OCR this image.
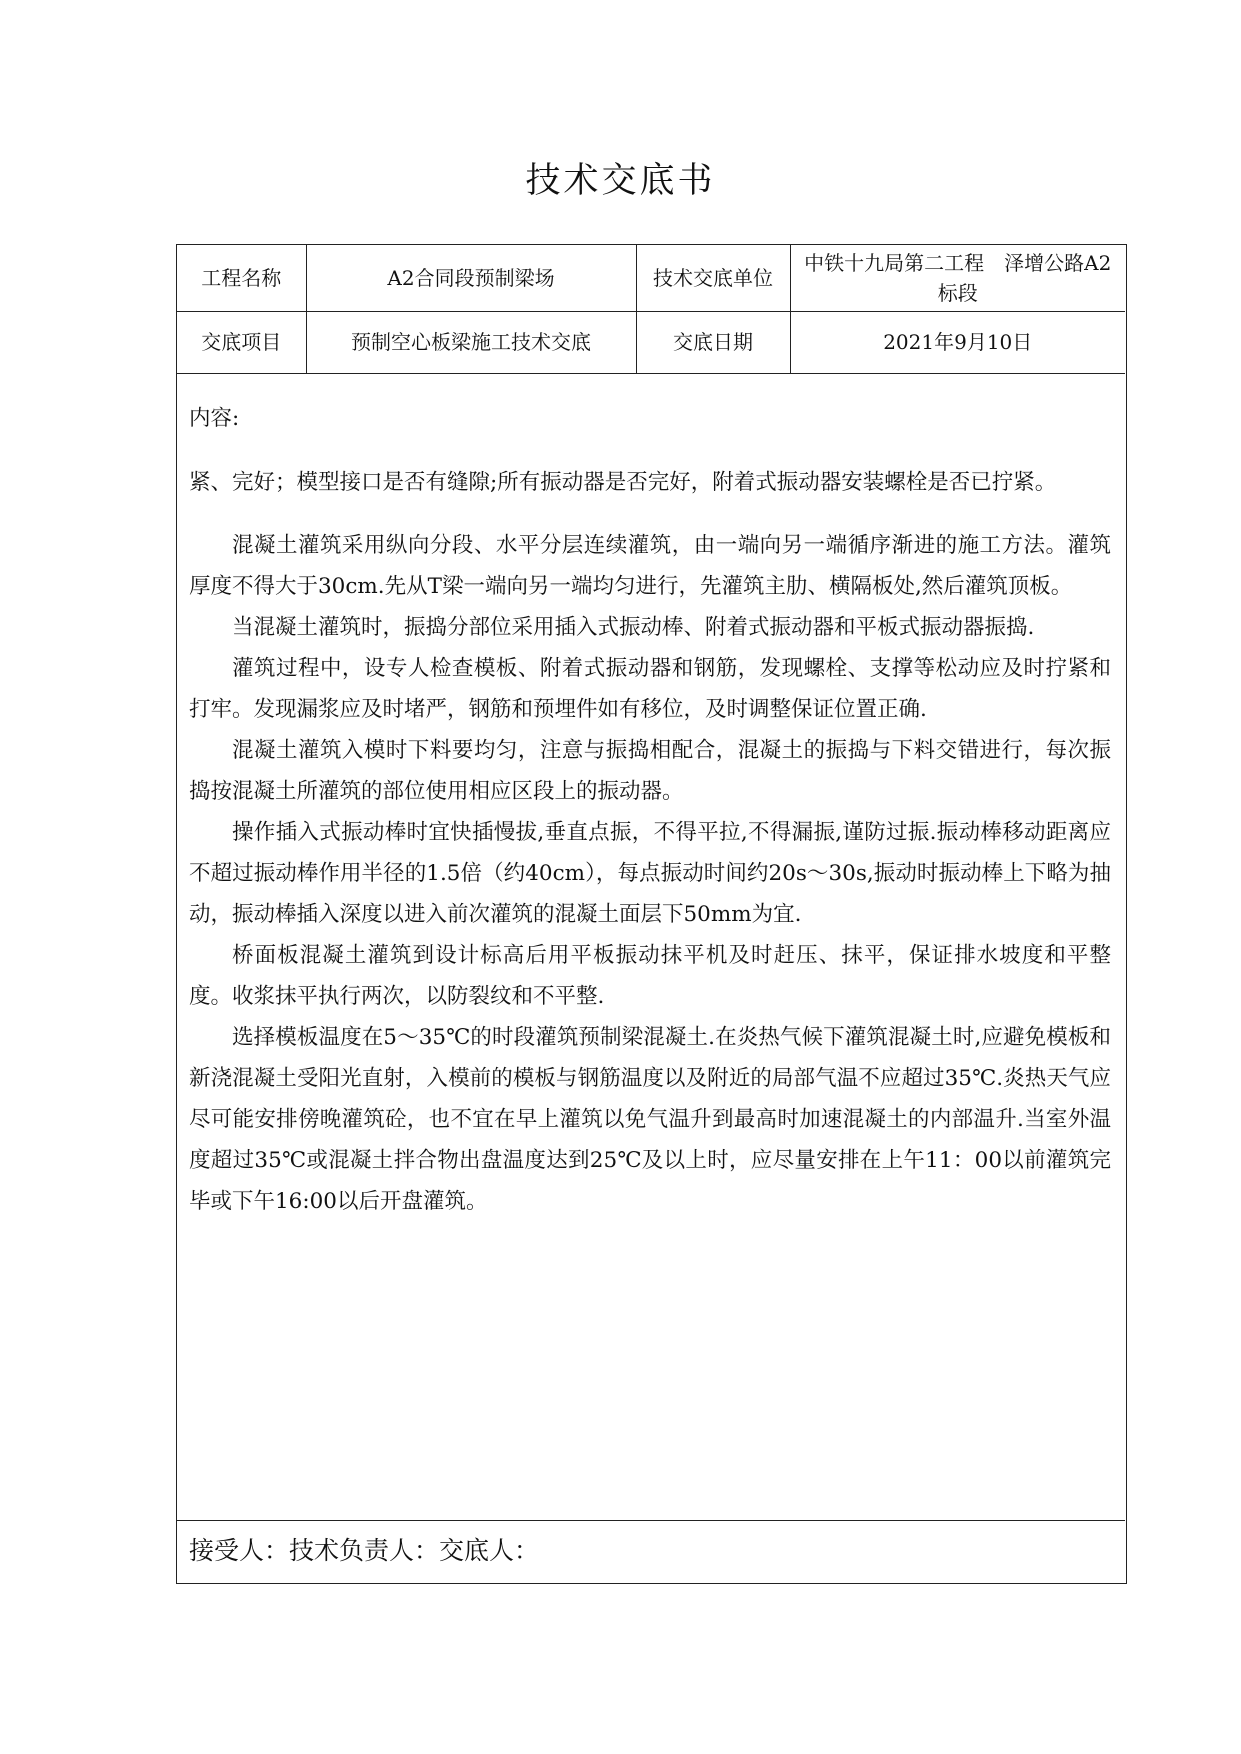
技术交底书
工程名称	A2合同段预制梁场	技术交底单位	中铁十九局第二工程　泽增公路A2标段
交底项目	预制空心板梁施工技术交底	交底日期	2021年9月10日

内容:

紧、完好；模型接口是否有缝隙;所有振动器是否完好，附着式振动器安装螺栓是否已拧紧。

混凝土灌筑采用纵向分段、水平分层连续灌筑，由一端向另一端循序渐进的施工方法。灌筑厚度不得大于30cm.先从T梁一端向另一端均匀进行，先灌筑主肋、横隔板处,然后灌筑顶板。

当混凝土灌筑时，振捣分部位采用插入式振动棒、附着式振动器和平板式振动器振捣.

灌筑过程中，设专人检查模板、附着式振动器和钢筋，发现螺栓、支撑等松动应及时拧紧和打牢。发现漏浆应及时堵严，钢筋和预埋件如有移位，及时调整保证位置正确.

混凝土灌筑入模时下料要均匀，注意与振捣相配合，混凝土的振捣与下料交错进行，每次振捣按混凝土所灌筑的部位使用相应区段上的振动器。

操作插入式振动棒时宜快插慢拔,垂直点振，不得平拉,不得漏振,谨防过振.振动棒移动距离应不超过振动棒作用半径的1.5倍（约40cm），每点振动时间约20s～30s,振动时振动棒上下略为抽动，振动棒插入深度以进入前次灌筑的混凝土面层下50mm为宜.

桥面板混凝土灌筑到设计标高后用平板振动抹平机及时赶压、抹平，保证排水坡度和平整度。收浆抹平执行两次，以防裂纹和不平整.

选择模板温度在5～35℃的时段灌筑预制梁混凝土.在炎热气候下灌筑混凝土时,应避免模板和新浇混凝土受阳光直射，入模前的模板与钢筋温度以及附近的局部气温不应超过35℃.炎热天气应尽可能安排傍晚灌筑砼，也不宜在早上灌筑以免气温升到最高时加速混凝土的内部温升.当室外温度超过35℃或混凝土拌合物出盘温度达到25℃及以上时，应尽量安排在上午11：00以前灌筑完毕或下午16:00以后开盘灌筑。

接受人：技术负责人：交底人：
